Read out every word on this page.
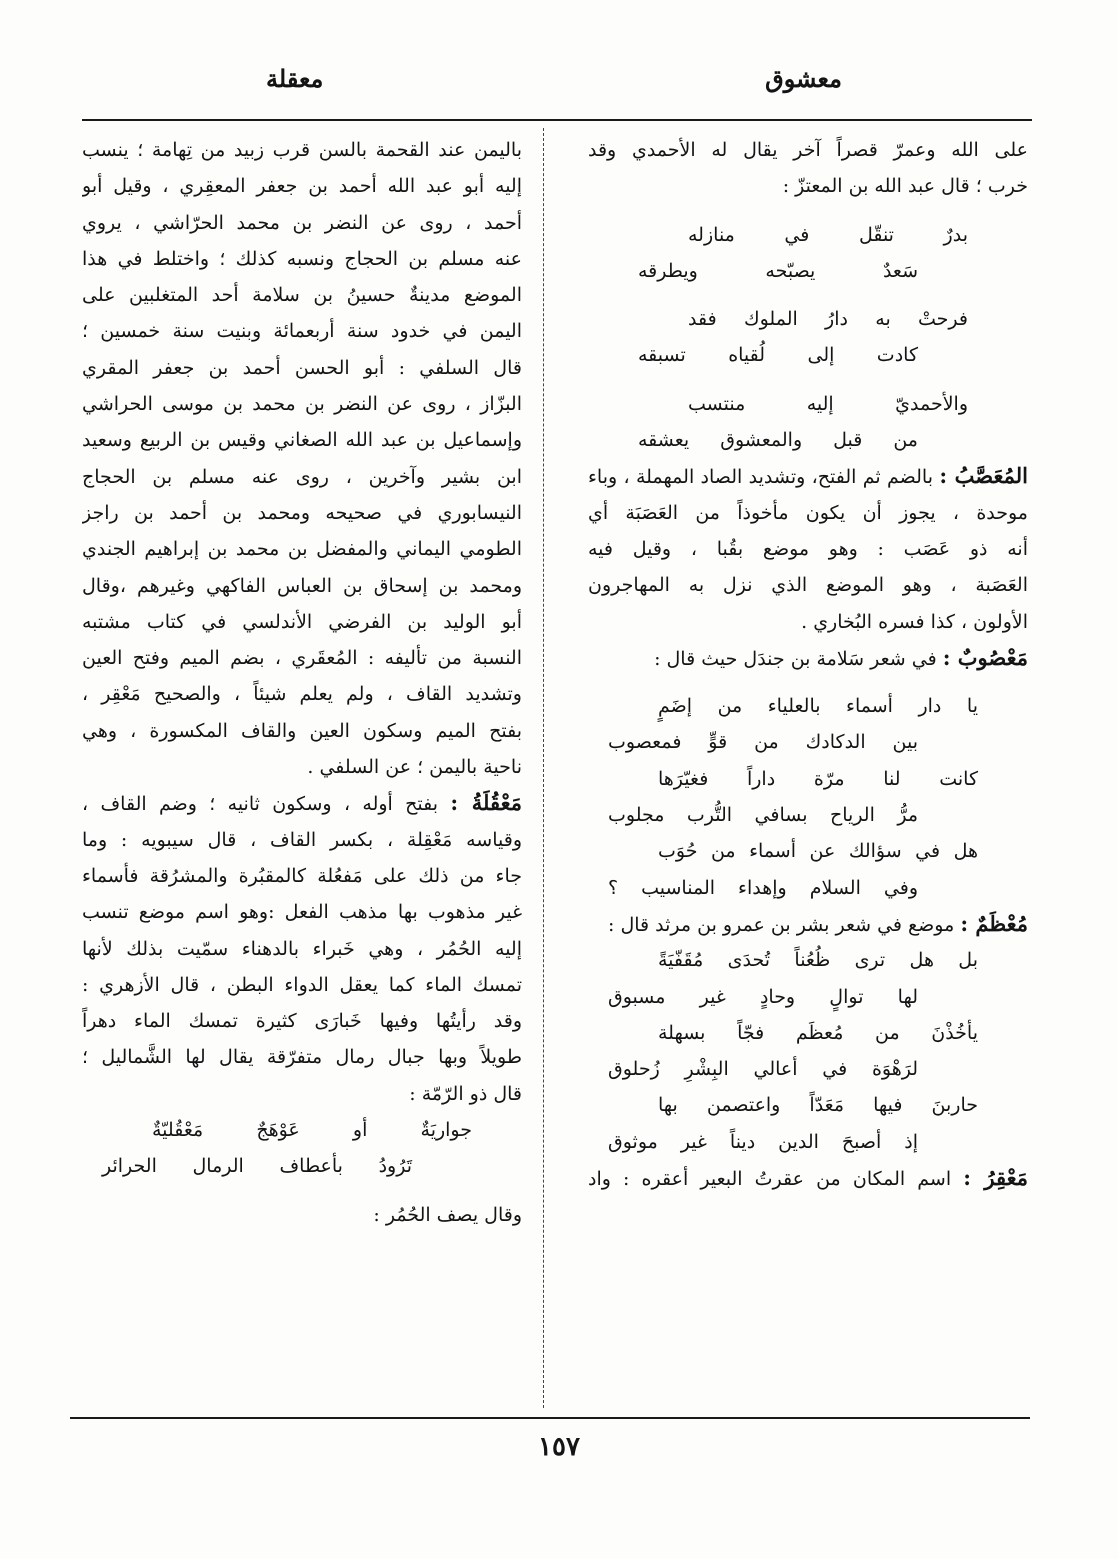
معشوق
معقلة
على الله وعمرّ قصراً آخر يقال له الأحمدي وقد
خرب ؛ قال عبد الله بن المعتزّ :
بدرٌ تنقّل في منازله
سَعدٌ يصبّحه ويطرقه
فرحتْ به دارُ الملوك فقد
كادت إلى لُقياه تسبقه
والأحمديّ إليه منتسب
من قبل والمعشوق يعشقه
المُعَصَّبُ : بالضم ثم الفتح، وتشديد الصاد المهملة ، وباء
موحدة ، يجوز أن يكون مأخوذاً من العَصَبَة أي
أنه ذو عَصَب : وهو موضع بقُبا ، وقيل فيه
العَصَبة ، وهو الموضع الذي نزل به المهاجرون
الأولون ، كذا فسره البُخاري .
مَعْصُوبٌ : في شعر سَلامة بن جندَل حيث قال :
يا دار أسماء بالعلياء من إضَمٍ
بين الدكادك من قوٍّ فمعصوب
كانت لنا مرّة داراً فغيّرَها
مرُّ الرياح بسافي التُّرب مجلوب
هل في سؤالك عن أسماء من حُوَب
وفي السلام وإهداء المناسيب ؟
مُعْظَمٌ : موضع في شعر بشر بن عمرو بن مرثد قال :
بل هل ترى ظُعُناً تُحدَى مُقَفّيَةً
لها توالٍ وحادٍ غير مسبوق
يأخُذْنَ من مُعظَم فجّاً بسهلة
لرَهْوَة في أعالي البِشْرِ زُحلوق
حاربنَ فيها مَعَدّاً واعتصمن بها
إذ أصبحَ الدين ديناً غير موثوق
مَعْقِرُ : اسم المكان من عقرتُ البعير أعقره : واد
باليمن عند القحمة بالسن قرب زبيد من تِهامة ؛ ينسب
إليه أبو عبد الله أحمد بن جعفر المعقِري ، وقيل أبو
أحمد ، روى عن النضر بن محمد الحرّاشي ، يروي
عنه مسلم بن الحجاج ونسبه كذلك ؛ واختلط في هذا
الموضع مدينةٌ حسينُ بن سلامة أحد المتغلبين على
اليمن في خدود سنة أربعمائة وبنيت سنة خمسين ؛
قال السلفي : أبو الحسن أحمد بن جعفر المقري
البزّاز ، روى عن النضر بن محمد بن موسى الحراشي
وإسماعيل بن عبد الله الصغاني وقيس بن الربيع وسعيد
ابن بشير وآخرين ، روى عنه مسلم بن الحجاج
النيسابوري في صحيحه ومحمد بن أحمد بن راجز
الطومي اليماني والمفضل بن محمد بن إبراهيم الجندي
ومحمد بن إسحاق بن العباس الفاكهي وغيرهم ،وقال
أبو الوليد بن الفرضي الأندلسي في كتاب مشتبه
النسبة من تأليفه : المُعقَري ، بضم الميم وفتح العين
وتشديد القاف ، ولم يعلم شيئاً ، والصحيح مَعْقِر ،
بفتح الميم وسكون العين والقاف المكسورة ، وهي
ناحية باليمن ؛ عن السلفي .
مَعْقُلَةُ : بفتح أوله ، وسكون ثانيه ؛ وضم القاف ،
وقياسه مَعْقِلة ، بكسر القاف ، قال سيبويه : وما
جاء من ذلك على مَفعُلة كالمقبُرة والمشرُقة فأسماء
غير مذهوب بها مذهب الفعل :وهو اسم موضع تنسب
إليه الحُمُر ، وهي خَبراء بالدهناء سمّيت بذلك لأنها
تمسك الماء كما يعقل الدواء البطن ، قال الأزهري :
وقد رأيتُها وفيها خَبارَى كثيرة تمسك الماء دهراً
طويلاً وبها جبال رمال متفرّقة يقال لها الشَّماليل ؛
قال ذو الرّمّة :
جواريَةٌ أو عَوْهَجٌ مَعْقُليّةٌ
تَرُودُ بأعطاف الرمال الحرائر
وقال يصف الحُمُر :
١٥٧
